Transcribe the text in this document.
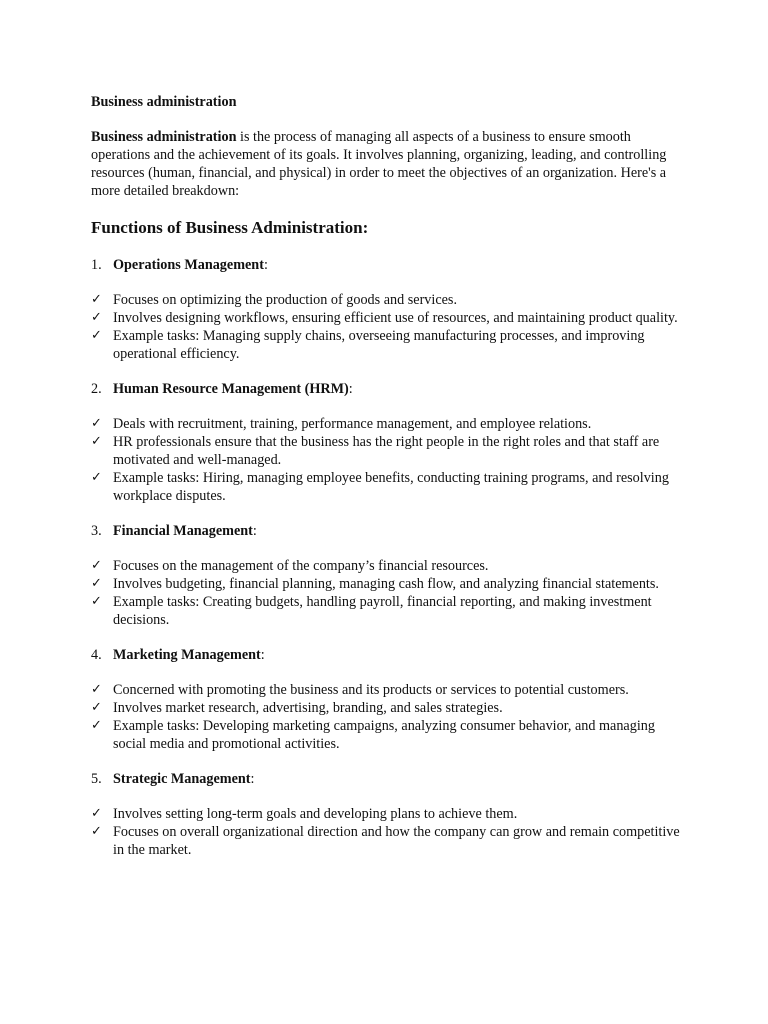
Business administration

Business administration is the process of managing all aspects of a business to ensure smooth operations and the achievement of its goals. It involves planning, organizing, leading, and controlling resources (human, financial, and physical) in order to meet the objectives of an organization. Here's a more detailed breakdown:

Functions of Business Administration:

1. Operations Management:

✓ Focuses on optimizing the production of goods and services.
✓ Involves designing workflows, ensuring efficient use of resources, and maintaining product quality.
✓ Example tasks: Managing supply chains, overseeing manufacturing processes, and improving operational efficiency.

2. Human Resource Management (HRM):

✓ Deals with recruitment, training, performance management, and employee relations.
✓ HR professionals ensure that the business has the right people in the right roles and that staff are motivated and well-managed.
✓ Example tasks: Hiring, managing employee benefits, conducting training programs, and resolving workplace disputes.

3. Financial Management:

✓ Focuses on the management of the company’s financial resources.
✓ Involves budgeting, financial planning, managing cash flow, and analyzing financial statements.
✓ Example tasks: Creating budgets, handling payroll, financial reporting, and making investment decisions.

4. Marketing Management:

✓ Concerned with promoting the business and its products or services to potential customers.
✓ Involves market research, advertising, branding, and sales strategies.
✓ Example tasks: Developing marketing campaigns, analyzing consumer behavior, and managing social media and promotional activities.

5. Strategic Management:

✓ Involves setting long-term goals and developing plans to achieve them.
✓ Focuses on overall organizational direction and how the company can grow and remain competitive in the market.
